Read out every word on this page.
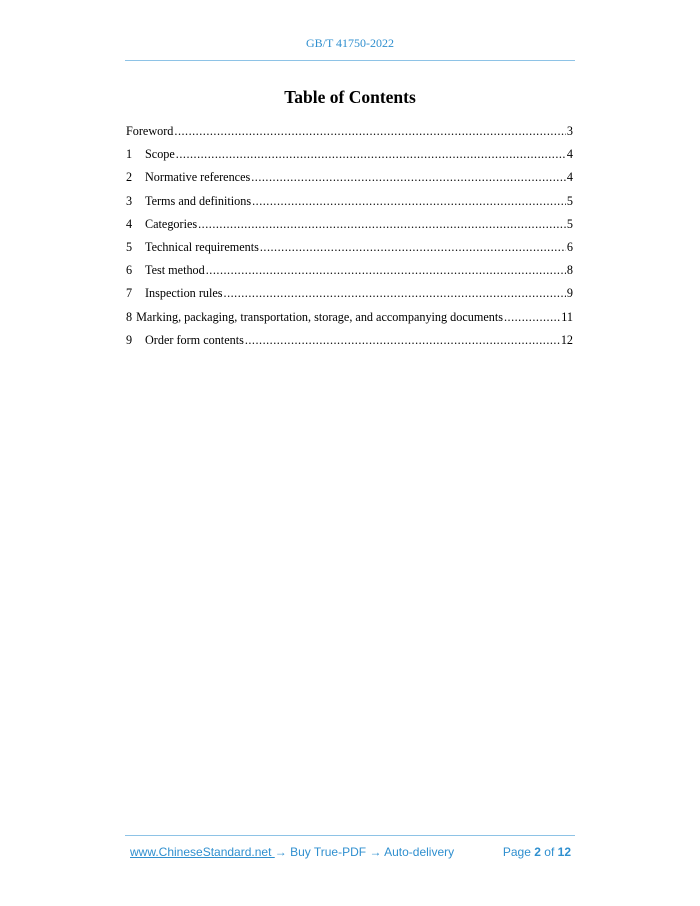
GB/T 41750-2022
Table of Contents
Foreword .....	3
1	Scope .....	4
2	Normative references .....	4
3	Terms and definitions .....	5
4	Categories .....	5
5	Technical requirements .....	6
6	Test method .....	8
7	Inspection rules .....	9
8 Marking, packaging, transportation, storage, and accompanying documents .....	11
9	Order form contents .....	12
www.ChineseStandard.net → Buy True-PDF → Auto-delivery	Page 2 of 12
